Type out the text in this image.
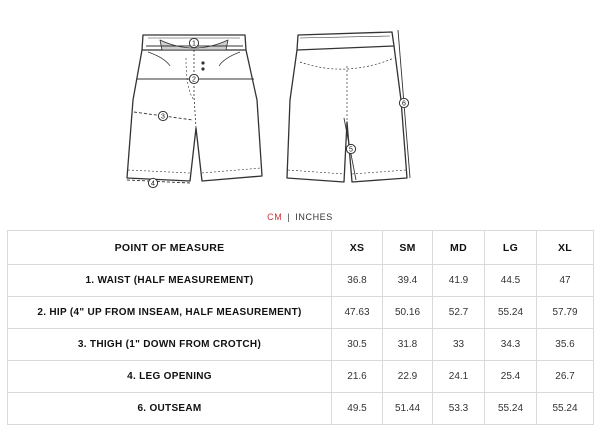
1
2
3
4
5
6
CM | INCHES
POINT OF MEASURE	XS	SM	MD	LG	XL
1. WAIST (HALF MEASUREMENT)	36.8	39.4	41.9	44.5	47
2. HIP (4" UP FROM INSEAM, HALF MEASUREMENT)	47.63	50.16	52.7	55.24	57.79
3. THIGH (1" DOWN FROM CROTCH)	30.5	31.8	33	34.3	35.6
4. LEG OPENING	21.6	22.9	24.1	25.4	26.7
6. OUTSEAM	49.5	51.44	53.3	55.24	55.24
